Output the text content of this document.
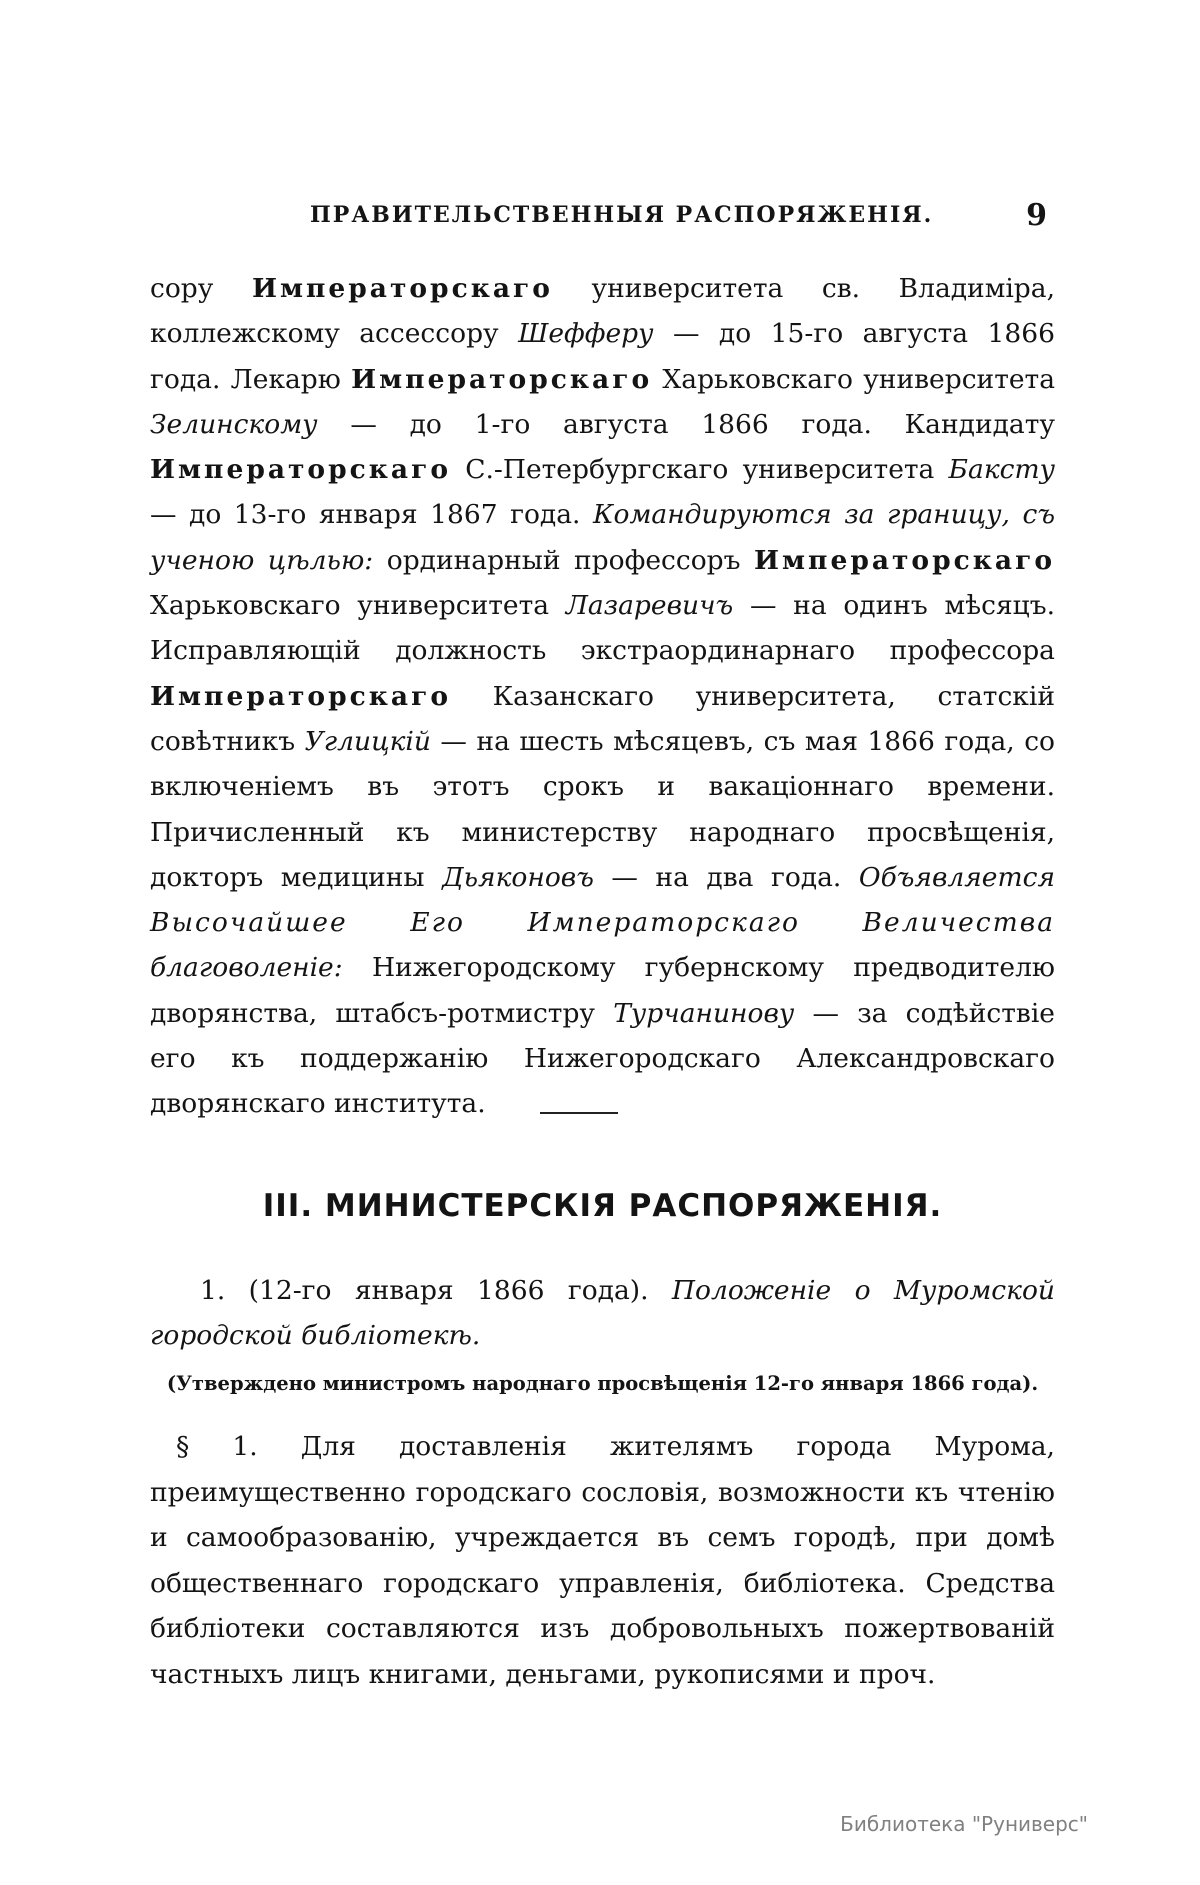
ПРАВИТЕЛЬСТВЕННЫЯ РАСПОРЯЖЕНІЯ.	9

сору Императорскаго университета св. Владиміра, коллежскому ассессору Шефферу — до 15-го августа 1866 года. Лекарю Императорскаго Харьковскаго университета Зелинскому — до 1-го августа 1866 года. Кандидату Императорскаго С.-Петербургскаго университета Баксту — до 13-го января 1867 года. Командируются за границу, съ ученою цѣлью: ординарный профессоръ Императорскаго Харьковскаго университета Лазаревичъ — на одинъ мѣсяцъ. Исправляющій должность экстраординарнаго профессора Императорскаго Казанскаго университета, статскій совѣтникъ Углицкій — на шесть мѣсяцевъ, съ мая 1866 года, со включеніемъ въ этотъ срокъ и вакаціоннаго времени. Причисленный къ министерству народнаго просвѣщенія, докторъ медицины Дьяконовъ — на два года. Объявляется Высочайшее Его Императорскаго Величества благоволеніе: Нижегородскому губернскому предводителю дворянства, штабсъ-ротмистру Турчанинову — за содѣйствіе его къ поддержанію Нижегородскаго Александровскаго дворянскаго института.

III. МИНИСТЕРСКІЯ РАСПОРЯЖЕНІЯ.

1. (12-го января 1866 года). Положеніе о Муромской городской библіотекѣ.

(Утверждено министромъ народнаго просвѣщенія 12-го января 1866 года).

§ 1. Для доставленія жителямъ города Мурома, преимущественно городскаго сословія, возможности къ чтенію и самообразованію, учреждается въ семъ городѣ, при домѣ общественнаго городскаго управленія, библіотека. Средства библіотеки составляются изъ добровольныхъ пожертвованій частныхъ лицъ книгами, деньгами, рукописями и проч.

Библиотека "Руниверс"
